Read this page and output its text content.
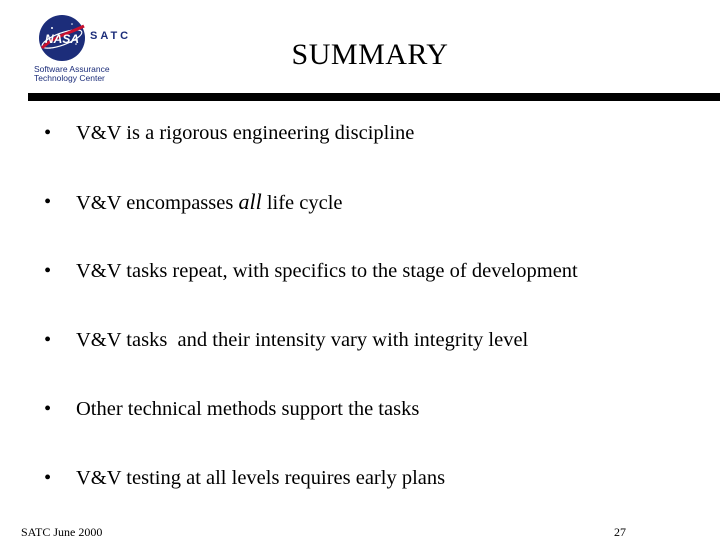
NASA SATC
Software Assurance
Technology Center
SUMMARY
• V&V is a rigorous engineering discipline
• V&V encompasses all life cycle
• V&V tasks repeat, with specifics to the stage of development
• V&V tasks  and their intensity vary with integrity level
• Other technical methods support the tasks
• V&V testing at all levels requires early plans
SATC June 2000	27
